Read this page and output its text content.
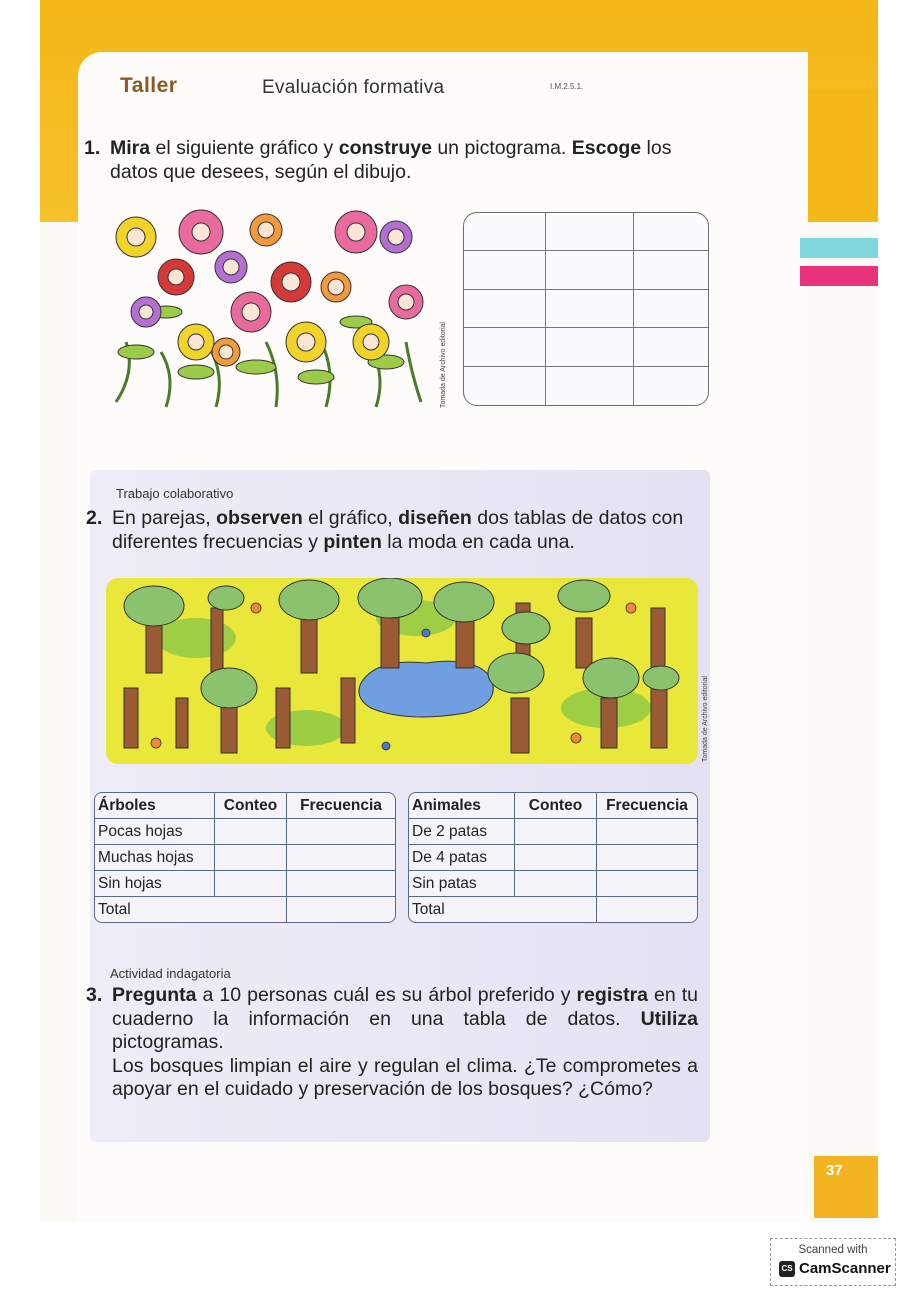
Taller	Evaluación formativa	I.M.2.5.1.
1. Mira el siguiente gráfico y construye un pictograma. Escoge los datos que desees, según el dibujo.
Tomada de Archivo editorial
Trabajo colaborativo
2. En parejas, observen el gráfico, diseñen dos tablas de datos con diferentes frecuencias y pinten la moda en cada una.
Tomada de Archivo editorial
Árboles	Conteo	Frecuencia
Pocas hojas		
Muchas hojas		
Sin hojas		
Total		
Animales	Conteo	Frecuencia
De 2 patas		
De 4 patas		
Sin patas		
Total		
Actividad indagatoria
3. Pregunta a 10 personas cuál es su árbol preferido y registra en tu cuaderno la información en una tabla de datos. Utiliza pictogramas.
Los bosques limpian el aire y regulan el clima. ¿Te comprometes a apoyar en el cuidado y preservación de los bosques? ¿Cómo?
37
Scanned with
CS CamScanner
